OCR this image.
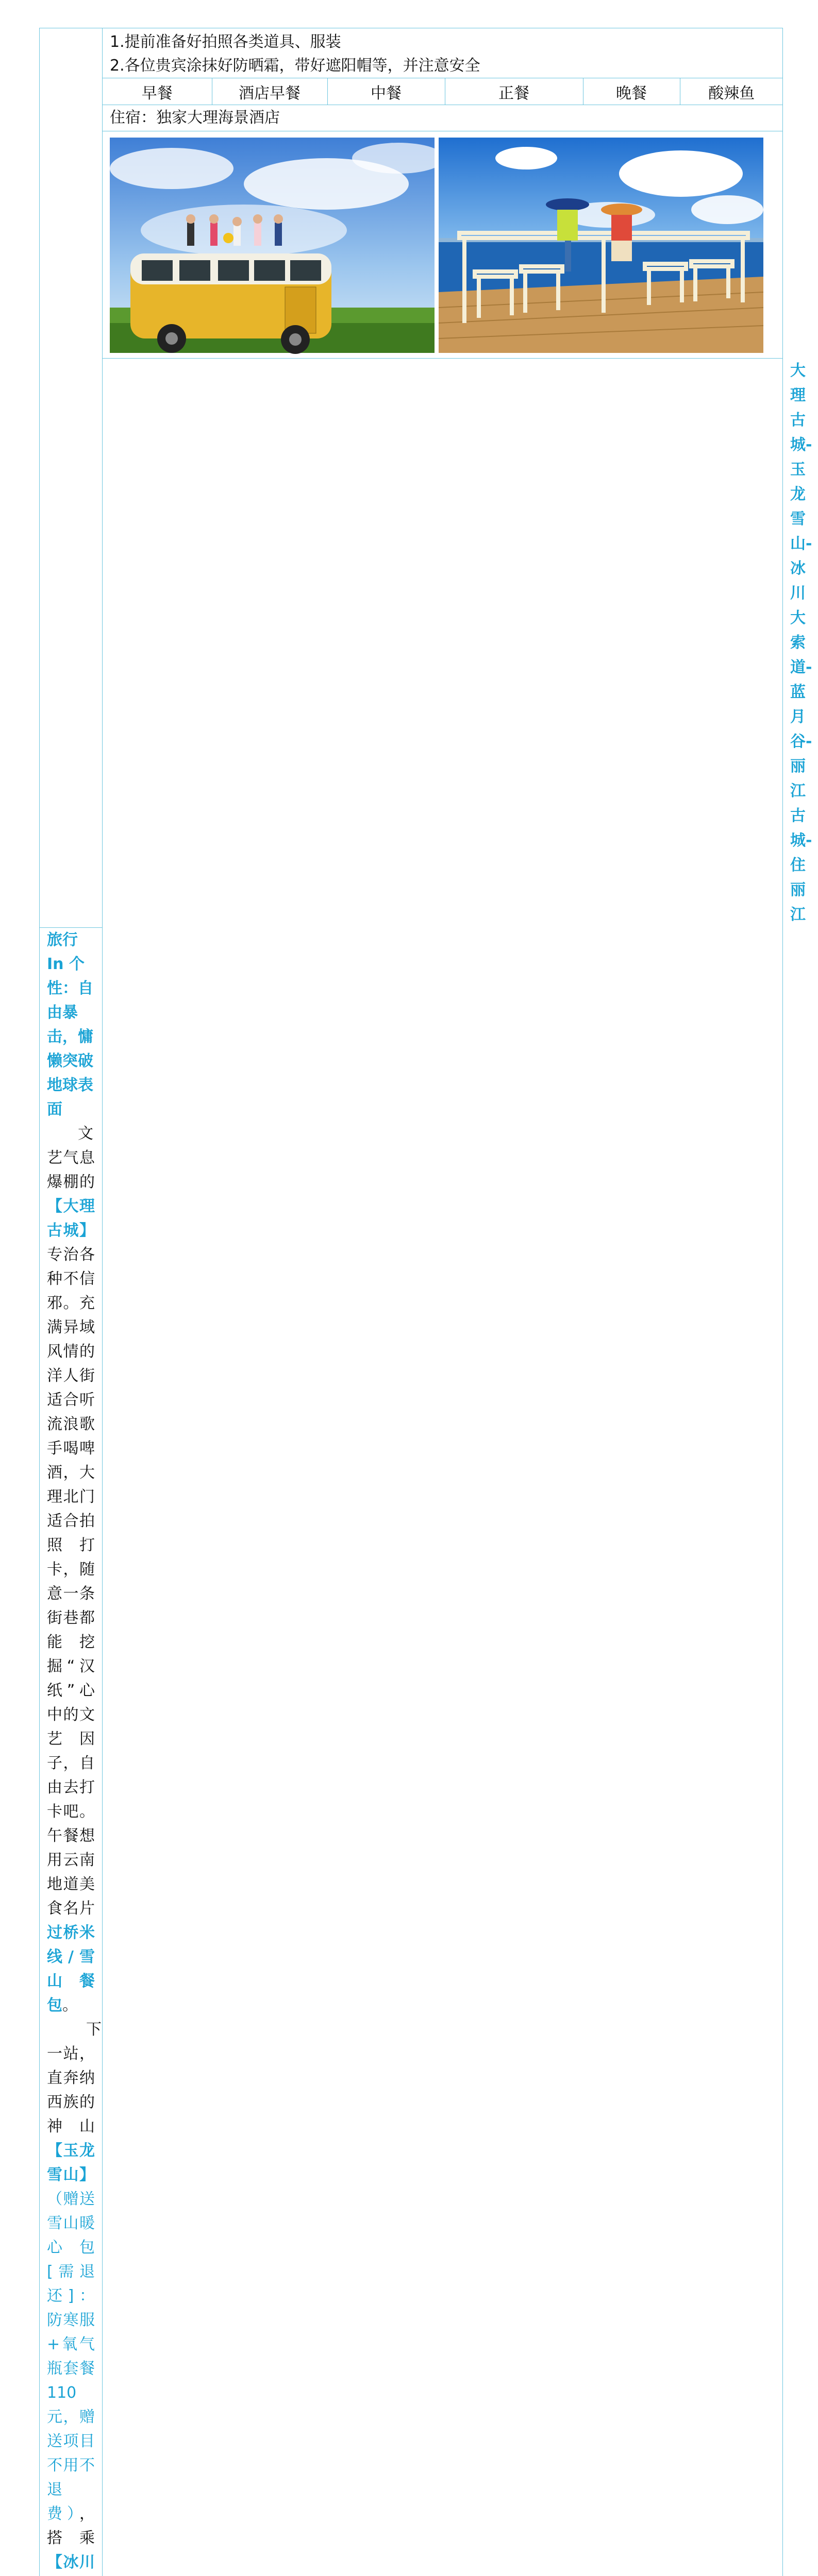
1.提前准备好拍照各类道具、服装
2.各位贵宾涂抹好防晒霜，带好遮阳帽等，并注意安全

早餐	酒店早餐	中餐	正餐	晚餐	酸辣鱼

住宿：独家大理海景酒店

	大理古城-玉龙雪山-冰川大索道-蓝月谷-丽江古城-住丽江

旅行 In 个性：自由暴击，慵懒突破地球表面

文艺气息爆棚的【大理古城】专治各种不信邪。充满异域风情的洋人街适合听流浪歌手喝啤酒，大理北门适合拍照打卡，随意一条街巷都能挖掘“汉纸”心中的文艺因子，自由去打卡吧。午餐想用云南地道美食名片过桥米线/雪山餐包。

下一站，直奔纳西族的神山【玉龙雪山】（赠送雪山暖心包[需退还]：防寒服+氧气瓶套餐 110 元，赠送项目不用不退费），搭乘【冰川
